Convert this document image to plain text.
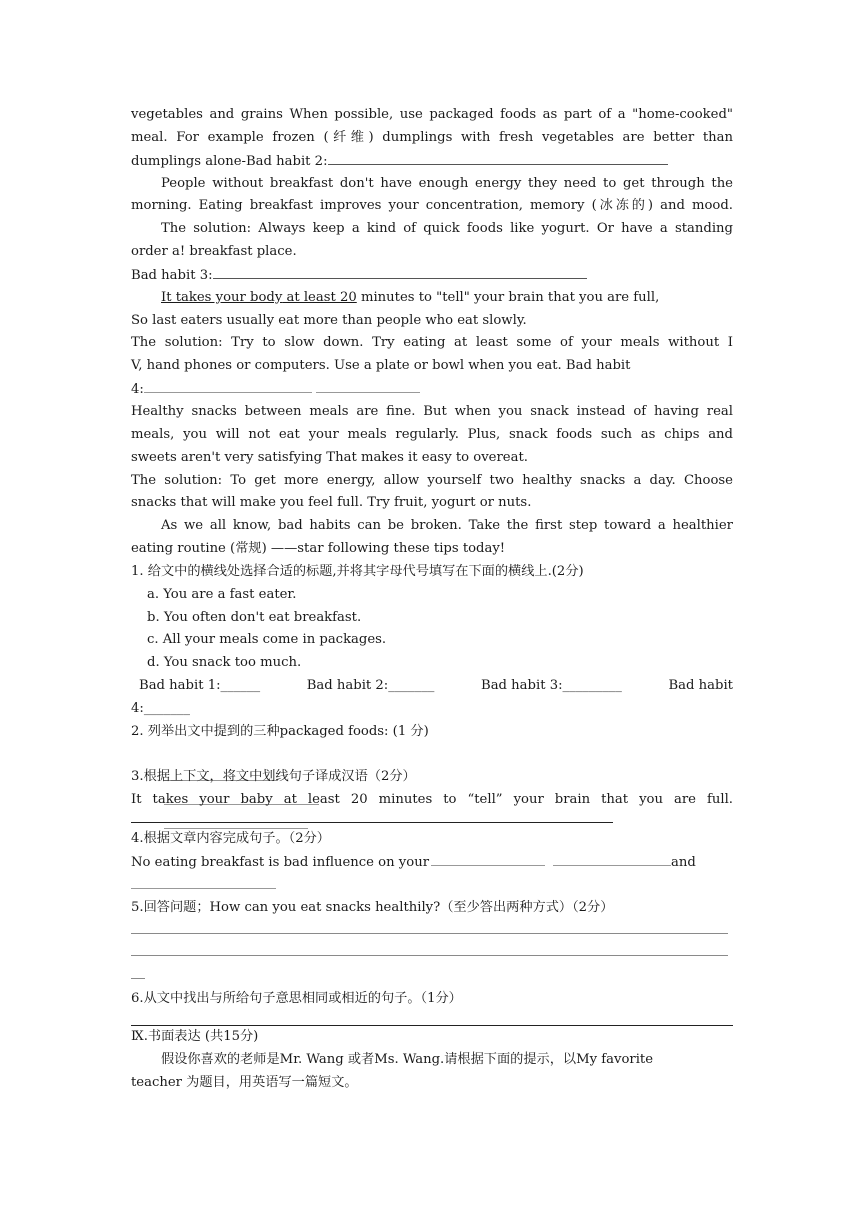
vegetables and grains When possible, use packaged foods as part of a "home-cooked"
meal. For example frozen (纤维) dumplings with fresh vegetables are better than
dumplings alone-Bad habit 2:
People without breakfast don't have enough energy they need to get through the
morning. Eating breakfast improves your concentration, memory (冰冻的) and mood.
The solution: Always keep a kind of quick foods like yogurt. Or have a standing
order a! breakfast place.
Bad habit 3:
It takes your body at least 20 minutes to "tell" your brain that you are full,
So last eaters usually eat more than people who eat slowly.
The solution: Try to slow down. Try eating at least some of your meals without I
V, hand phones or computers. Use a plate or bowl when you eat. Bad habit
4:
Healthy snacks between meals are fine. But when you snack instead of having real
meals, you will not eat your meals regularly. Plus, snack foods such as chips and
sweets aren't very satisfying That makes it easy to overeat.
The solution: To get more energy, allow yourself two healthy snacks a day. Choose
snacks that will make you feel full. Try fruit, yogurt or nuts.
As we all know, bad habits can be broken. Take the first step toward a healthier
eating routine (常规) ——star following these tips today!
1. 给文中的横线处选择合适的标题,并将其字母代号填写在下面的横线上.(2分)
a. You are a fast eater.
b. You often don't eat breakfast.
c. All your meals come in packages.
d. You snack too much.
Bad habit 1:______	Bad habit 2:_______	Bad habit 3:_________	Bad habit
4:_______
2. 列举出文中提到的三种packaged foods: (1 分)

3.根据上下文，将文中划线句子译成汉语（2分）
It takes your baby at least 20 minutes to “tell” your brain that you are full.
4.根据文章内容完成句子。（2分）
No eating breakfast is bad influence on your	and
5.回答问题；How can you eat snacks healthily?（至少答出两种方式）（2分）
6.从文中找出与所给句子意思相同或相近的句子。（1分）
Ⅸ.书面表达 (共15分)
假设你喜欢的老师是Mr. Wang 或者Ms. Wang.请根据下面的提示，以My favorite
teacher 为题目，用英语写一篇短文。
